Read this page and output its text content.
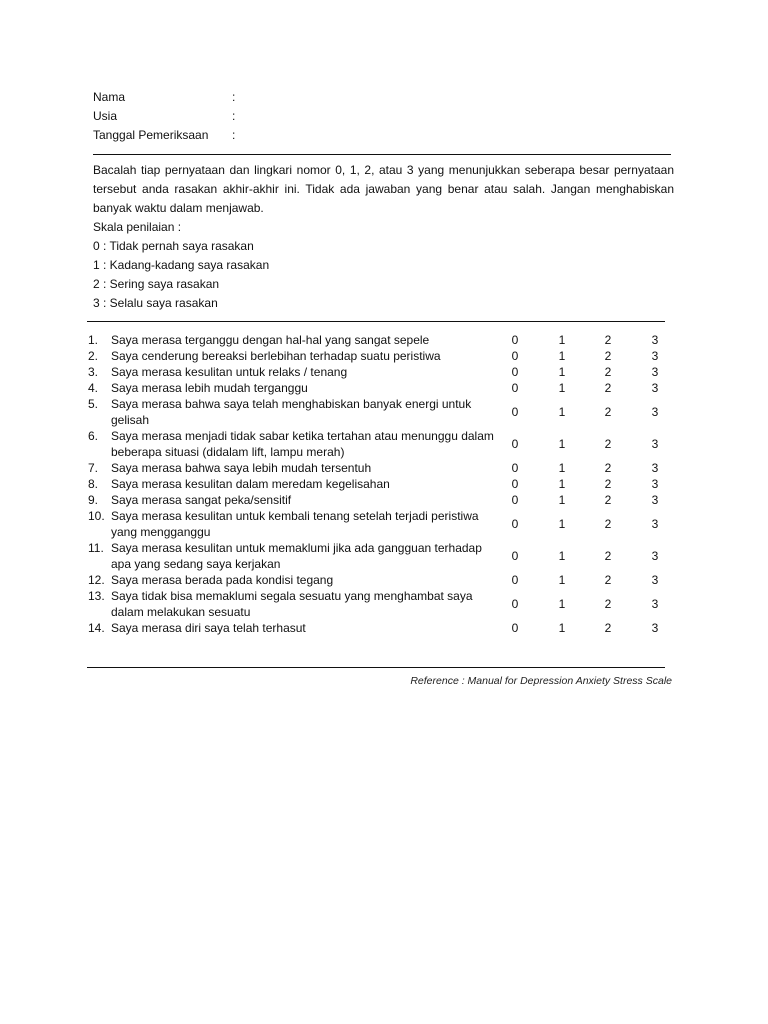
Nama	:
Usia	:
Tanggal Pemeriksaan :

Bacalah tiap pernyataan dan lingkari nomor 0, 1, 2, atau 3 yang menunjukkan seberapa besar pernyataan tersebut anda rasakan akhir-akhir ini. Tidak ada jawaban yang benar atau salah. Jangan menghabiskan banyak waktu dalam menjawab.

Skala penilaian :
0 : Tidak pernah saya rasakan
1 : Kadang-kadang saya rasakan
2 : Sering saya rasakan
3 : Selalu saya rasakan
1.	Saya merasa terganggu dengan hal-hal yang sangat sepele	0	1	2	3
2.	Saya cenderung bereaksi berlebihan terhadap suatu peristiwa	0	1	2	3
3.	Saya merasa kesulitan untuk relaks / tenang	0	1	2	3
4.	Saya merasa lebih mudah terganggu	0	1	2	3
5.	Saya merasa bahwa saya telah menghabiskan banyak energi untuk gelisah
0	1	2	3
6.	Saya merasa menjadi tidak sabar ketika tertahan atau menunggu dalam beberapa situasi (didalam lift, lampu merah)
0	1	2	3
7.	Saya merasa bahwa saya lebih mudah tersentuh	0	1	2	3
8.	Saya merasa kesulitan dalam meredam kegelisahan	0	1	2	3
9.	Saya merasa sangat peka/sensitif	0	1	2	3
10. Saya merasa kesulitan untuk kembali tenang setelah terjadi peristiwa yang mengganggu
0	1	2	3
11. Saya merasa kesulitan untuk memaklumi jika ada gangguan terhadap apa yang sedang saya kerjakan
0	1	2	3
12. Saya merasa berada pada kondisi tegang	0	1	2	3
13. Saya tidak bisa memaklumi segala sesuatu yang menghambat saya dalam melakukan sesuatu
0	1	2	3
14. Saya merasa diri saya telah terhasut	0	1	2	3
Reference : Manual for Depression Anxiety Stress Scale
